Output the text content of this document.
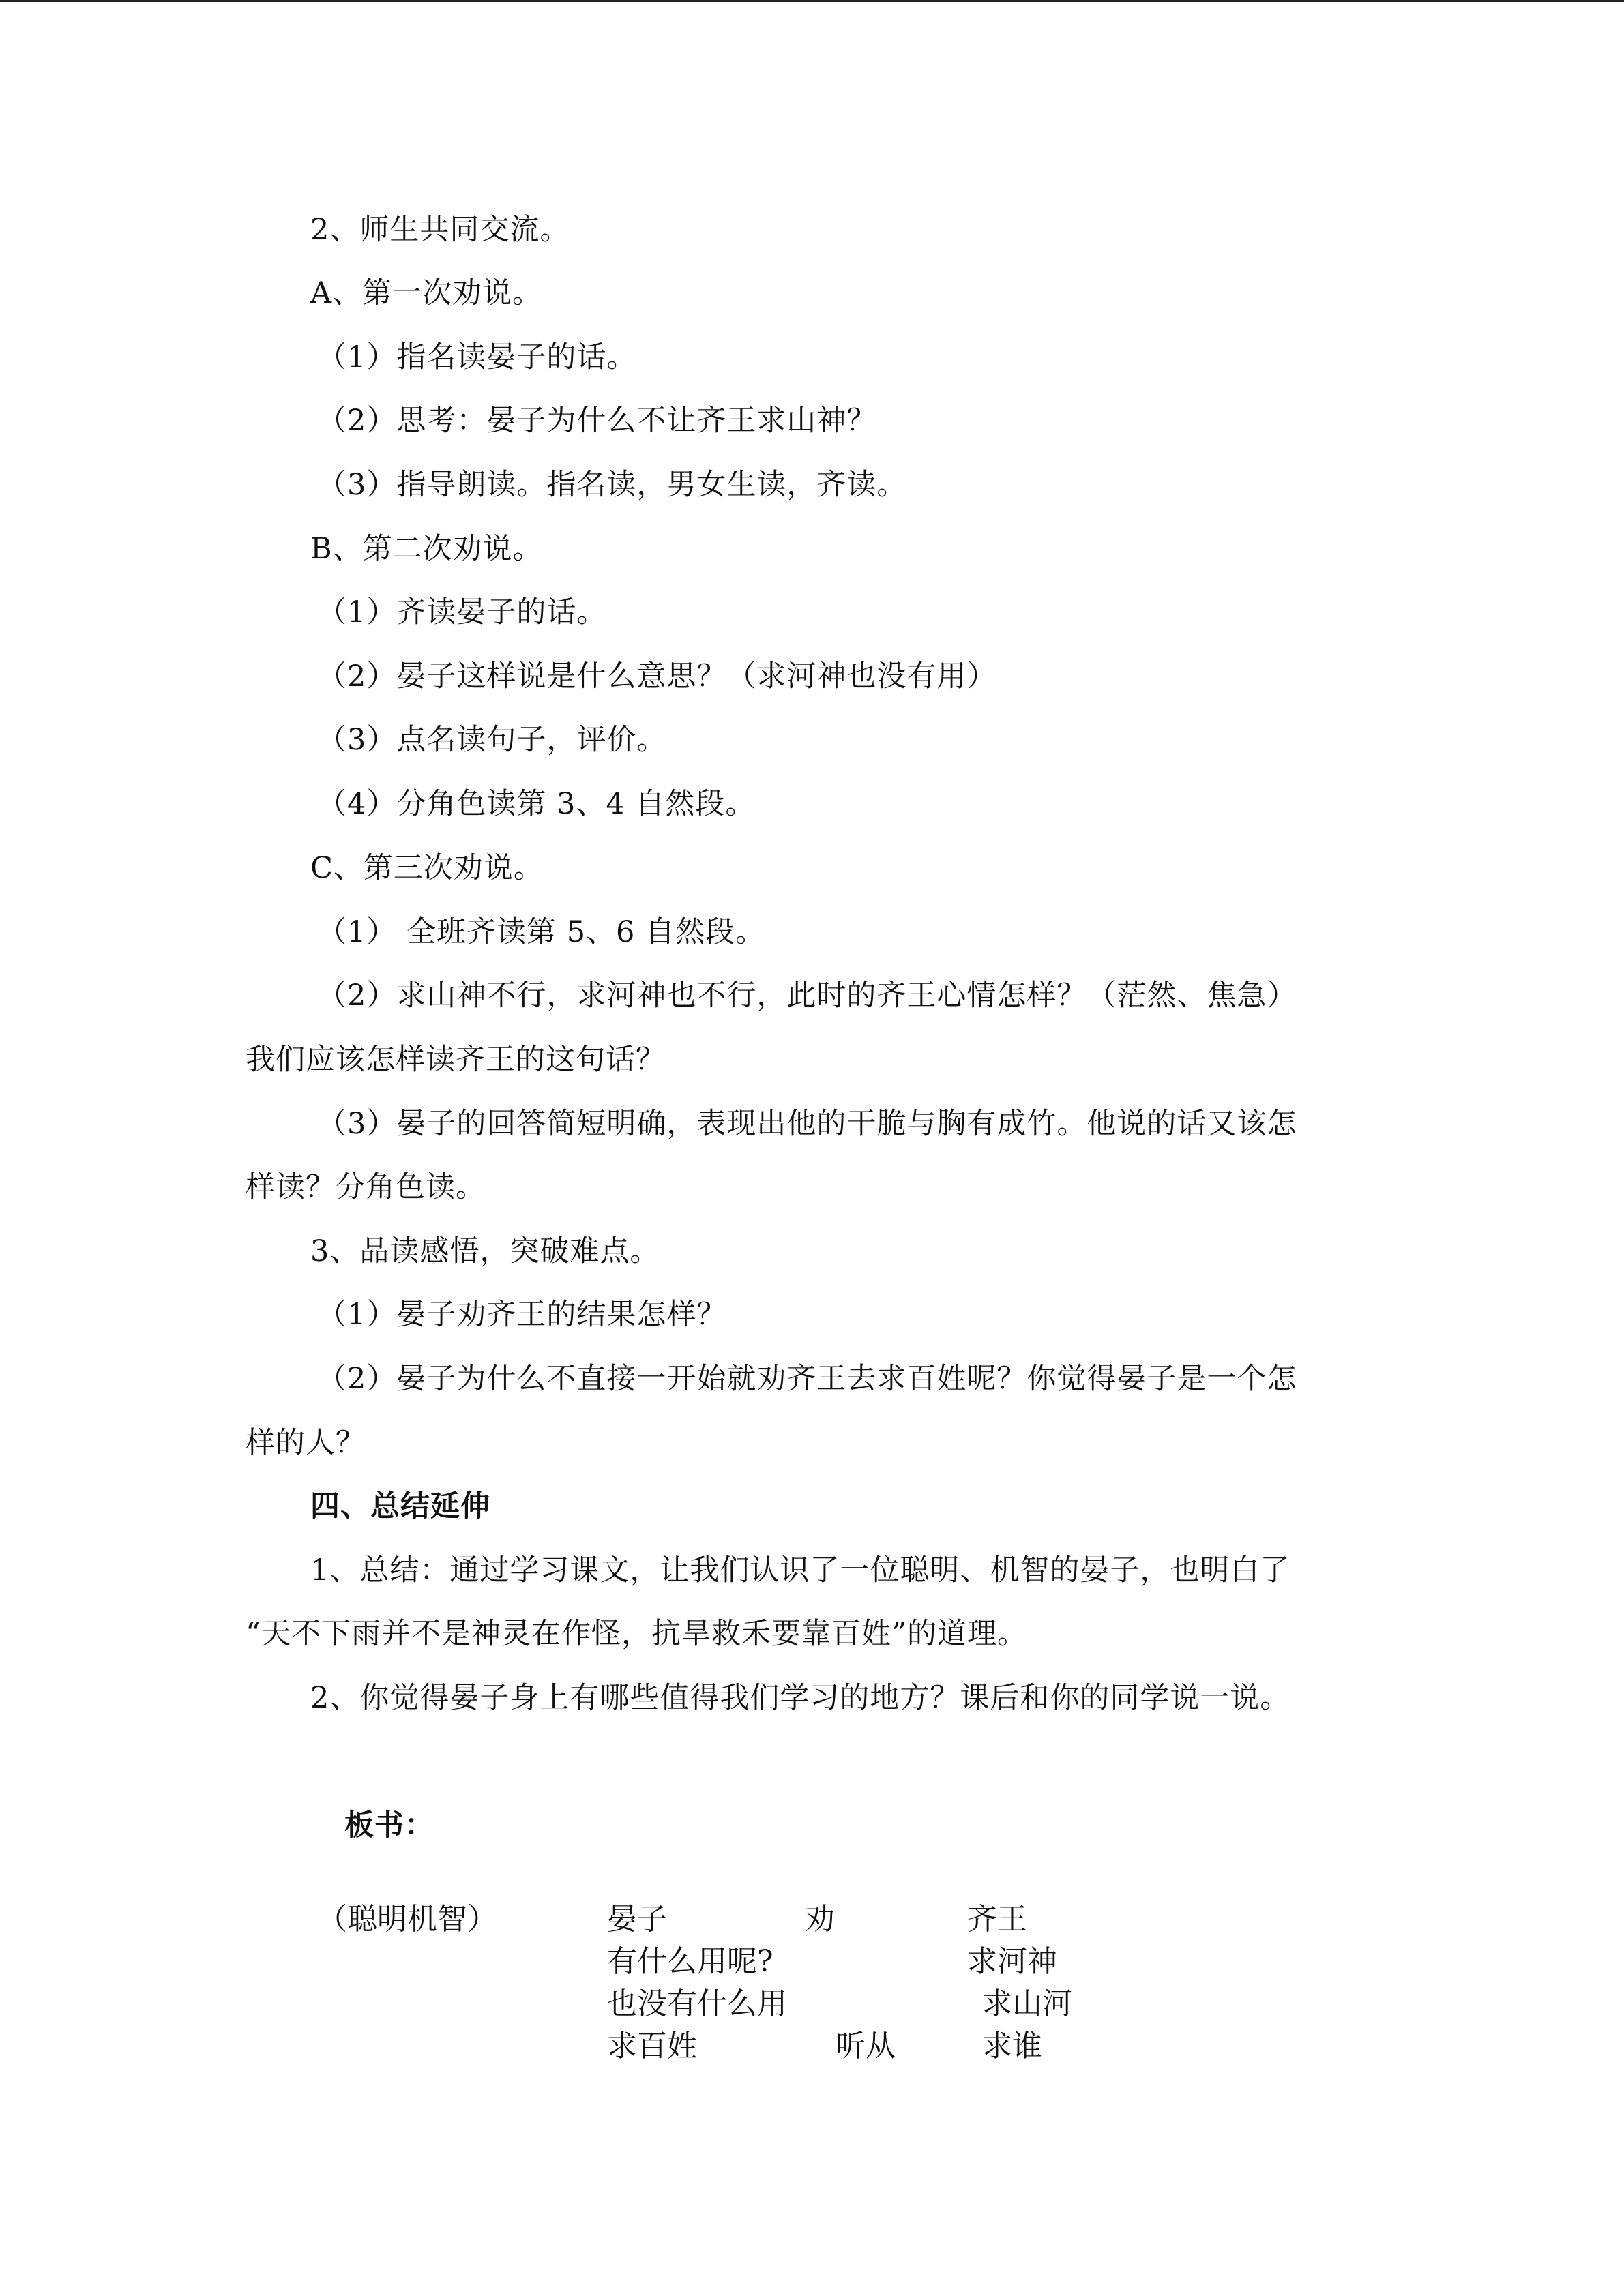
2、师生共同交流。
A、第一次劝说。
（1）指名读晏子的话。
（2）思考：晏子为什么不让齐王求山神？
（3）指导朗读。指名读，男女生读，齐读。
B、第二次劝说。
（1）齐读晏子的话。
（2）晏子这样说是什么意思？（求河神也没有用）
（3）点名读句子，评价。
（4）分角色读第 3、4 自然段。
C、第三次劝说。
（1） 全班齐读第 5、6 自然段。
（2）求山神不行，求河神也不行，此时的齐王心情怎样？（茫然、焦急）
我们应该怎样读齐王的这句话？
（3）晏子的回答简短明确，表现出他的干脆与胸有成竹。他说的话又该怎
样读？分角色读。
3、品读感悟，突破难点。
（1）晏子劝齐王的结果怎样？
（2）晏子为什么不直接一开始就劝齐王去求百姓呢？你觉得晏子是一个怎
样的人？
四、总结延伸
1、总结：通过学习课文，让我们认识了一位聪明、机智的晏子，也明白了
“天不下雨并不是神灵在作怪，抗旱救禾要靠百姓”的道理。
2、你觉得晏子身上有哪些值得我们学习的地方？课后和你的同学说一说。
板书：
（聪明机智）	晏子
有什么用呢?
也没有什么用
求百姓
劝
听从
齐王
求河神
求山河
求谁
